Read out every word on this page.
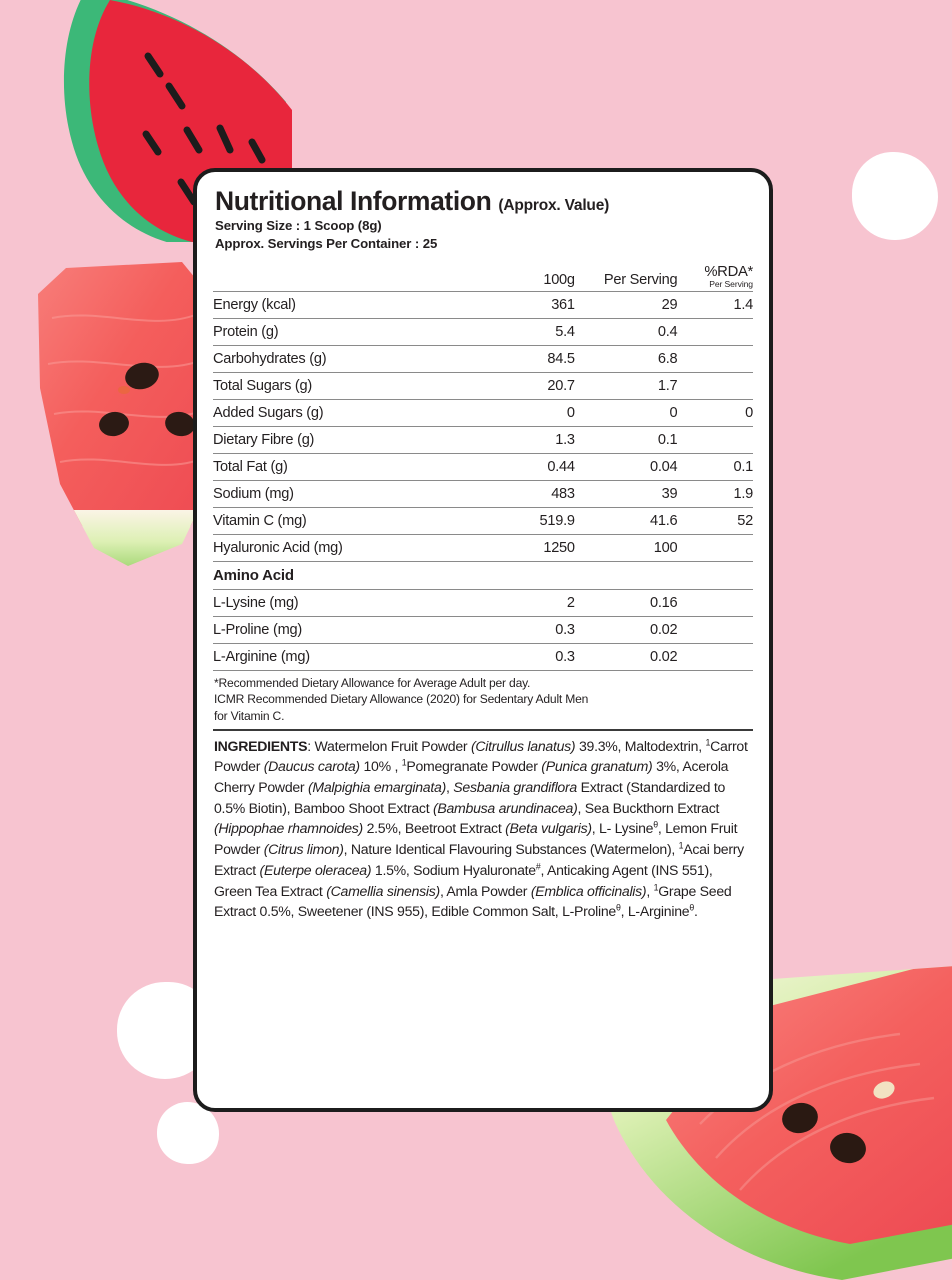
Nutritional Information (Approx. Value)
Serving Size : 1 Scoop (8g)
Approx. Servings Per Container : 25
	100g	Per Serving	%RDA*
Per Serving

Energy (kcal)	361	29	1.4
Protein (g)	5.4	0.4	
Carbohydrates (g)	84.5	6.8	
Total Sugars (g)	20.7	1.7	
Added Sugars (g)	0	0	0
Dietary Fibre (g)	1.3	0.1	
Total Fat (g)	0.44	0.04	0.1
Sodium (mg)	483	39	1.9
Vitamin C (mg)	519.9	41.6	52
Hyaluronic Acid (mg)	1250	100	
Amino Acid			
L-Lysine (mg)	2	0.16	
L-Proline (mg)	0.3	0.02	
L-Arginine (mg)	0.3	0.02	
*Recommended Dietary Allowance for Average Adult per day.
ICMR Recommended Dietary Allowance (2020) for Sedentary Adult Men
for Vitamin C.
INGREDIENTS: Watermelon Fruit Powder (Citrullus lanatus) 39.3%, Maltodextrin, $^1$Carrot Powder (Daucus carota) 10% , $^1$Pomegranate Powder (Punica granatum) 3%, Acerola Cherry Powder (Malpighia emarginata), Sesbania grandiflora Extract (Standardized to 0.5% Biotin), Bamboo Shoot Extract (Bambusa arundinacea), Sea Buckthorn Extract (Hippophae rhamnoides) 2.5%, Beetroot Extract (Beta vulgaris), L- Lysine$^\theta$, Lemon Fruit Powder (Citrus limon), Nature Identical Flavouring Substances (Watermelon), $^1$Acai berry Extract (Euterpe oleracea) 1.5%, Sodium Hyaluronate#, Anticaking Agent (INS 551), Green Tea Extract (Camellia sinensis), Amla Powder (Emblica officinalis), $^1$Grape Seed Extract 0.5%, Sweetener (INS 955), Edible Common Salt, L-Proline$^\theta$, L-Arginine$^\theta$.
